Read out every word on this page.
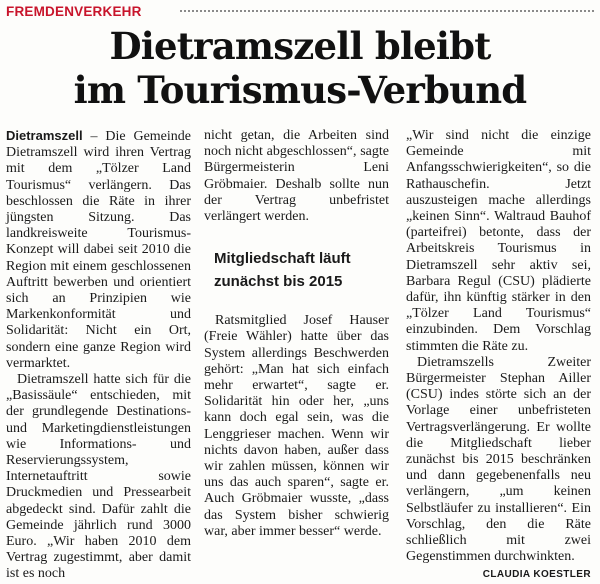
FREMDENVERKEHR
Dietramszell bleibt
im Tourismus-Verbund

Dietramszell – Die Gemeinde Dietramszell wird ihren Vertrag mit dem „Tölzer Land Tourismus“ verlängern. Das beschlossen die Räte in ihrer jüngsten Sitzung. Das landkreisweite Tourismus-Konzept will dabei seit 2010 die Region mit einem geschlossenen Auftritt bewerben und orientiert sich an Prinzipien wie Markenkonformität und Solidarität: Nicht ein Ort, sondern eine ganze Region wird vermarktet.

Dietramszell hatte sich für die „Basissäule“ entschieden, mit der grundlegende Destinations- und Marketingdienstleistungen wie Informations- und Reservierungssystem, Internetauftritt sowie Druckmedien und Pressearbeit abgedeckt sind. Dafür zahlt die Gemeinde jährlich rund 3000 Euro. „Wir haben 2010 dem Vertrag zugestimmt, aber damit ist es noch

nicht getan, die Arbeiten sind noch nicht abgeschlossen“, sagte Bürgermeisterin Leni Gröbmaier. Deshalb sollte nun der Vertrag unbefristet verlängert werden.

Mitgliedschaft läuft zunächst bis 2015

Ratsmitglied Josef Hauser (Freie Wähler) hatte über das System allerdings Beschwerden gehört: „Man hat sich einfach mehr erwartet“, sagte er. Solidarität hin oder her, „uns kann doch egal sein, was die Lenggrieser machen. Wenn wir nichts davon haben, außer dass wir zahlen müssen, können wir uns das auch sparen“, sagte er. Auch Gröbmaier wusste, „dass das System bisher schwierig war, aber immer besser“ werde.

„Wir sind nicht die einzige Gemeinde mit Anfangsschwierigkeiten“, so die Rathauschefin. Jetzt auszusteigen mache allerdings „keinen Sinn“. Waltraud Bauhof (parteifrei) betonte, dass der Arbeitskreis Tourismus in Dietramszell sehr aktiv sei, Barbara Regul (CSU) plädierte dafür, ihn künftig stärker in den „Tölzer Land Tourismus“ einzubinden. Dem Vorschlag stimmten die Räte zu.

Dietramszells Zweiter Bürgermeister Stephan Ailler (CSU) indes störte sich an der Vorlage einer unbefristeten Vertragsverlängerung. Er wollte die Mitgliedschaft lieber zunächst bis 2015 beschränken und dann gegebenenfalls neu verlängern, „um keinen Selbstläufer zu installieren“. Ein Vorschlag, den die Räte schließlich mit zwei Gegenstimmen durchwinkten.

CLAUDIA KOESTLER
